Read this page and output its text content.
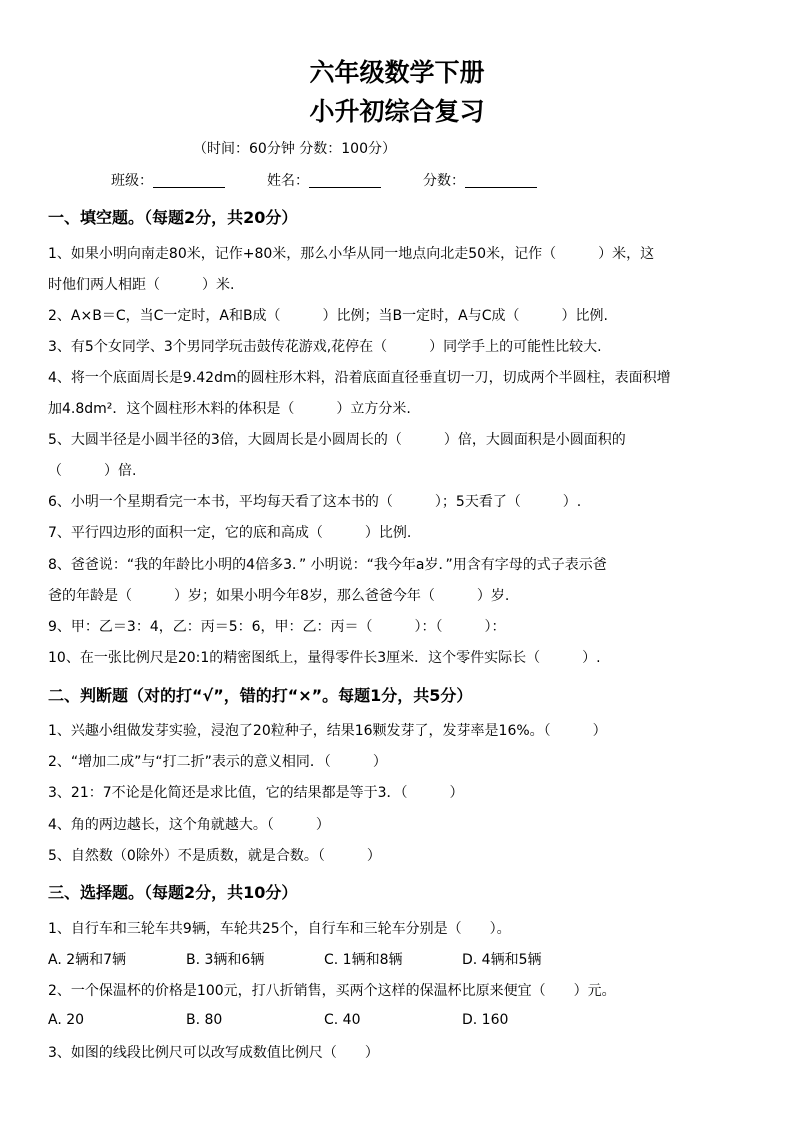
六年级数学下册
小升初综合复习
（时间：60分钟 分数：100分）
班级：	姓名：	分数：
一、填空题。（每题2分，共20分）
1、如果小明向南走80米，记作+80米，那么小华从同一地点向北走50米，记作（　　　）米，这
时他们两人相距（　　　）米.
2、A×B＝C，当C一定时，A和B成（　　　）比例；当B一定时，A与C成（　　　）比例.
3、有5个女同学、3个男同学玩击鼓传花游戏,花停在（　　　）同学手上的可能性比较大.
4、将一个底面周长是9.42dm的圆柱形木料，沿着底面直径垂直切一刀，切成两个半圆柱，表面积增
加4.8dm²．这个圆柱形木料的体积是（　　　）立方分米.
5、大圆半径是小圆半径的3倍，大圆周长是小圆周长的（　　　）倍，大圆面积是小圆面积的
（　　　）倍.
6、小明一个星期看完一本书，平均每天看了这本书的（　　　）；5天看了（　　　）.
7、平行四边形的面积一定，它的底和高成（　　　）比例.
8、爸爸说：“我的年龄比小明的4倍多3．” 小明说：“我今年a岁．”用含有字母的式子表示爸
爸的年龄是（　　　）岁；如果小明今年8岁，那么爸爸今年（　　　）岁.
9、甲：乙＝3：4，乙：丙＝5：6，甲：乙：丙＝（　　　）：（　　　）：
10、在一张比例尺是20:1的精密图纸上，量得零件长3厘米．这个零件实际长（　　　）.
二、判断题（对的打“√”，错的打“×”。每题1分，共5分）
1、兴趣小组做发芽实验，浸泡了20粒种子，结果16颗发芽了，发芽率是16%。（　　　）
2、“增加二成”与“打二折”表示的意义相同．（　　　）
3、21：7不论是化简还是求比值，它的结果都是等于3．（　　　）
4、角的两边越长，这个角就越大。（　　　）
5、自然数（0除外）不是质数，就是合数。（　　　）
三、选择题。（每题2分，共10分）
1、自行车和三轮车共9辆，车轮共25个，自行车和三轮车分别是（　　）。
A. 2辆和7辆	B. 3辆和6辆	C. 1辆和8辆	D. 4辆和5辆
2、一个保温杯的价格是100元，打八折销售，买两个这样的保温杯比原来便宜（　　）元。
A. 20	B. 80	C. 40	D. 160
3、如图的线段比例尺可以改写成数值比例尺（　　）
